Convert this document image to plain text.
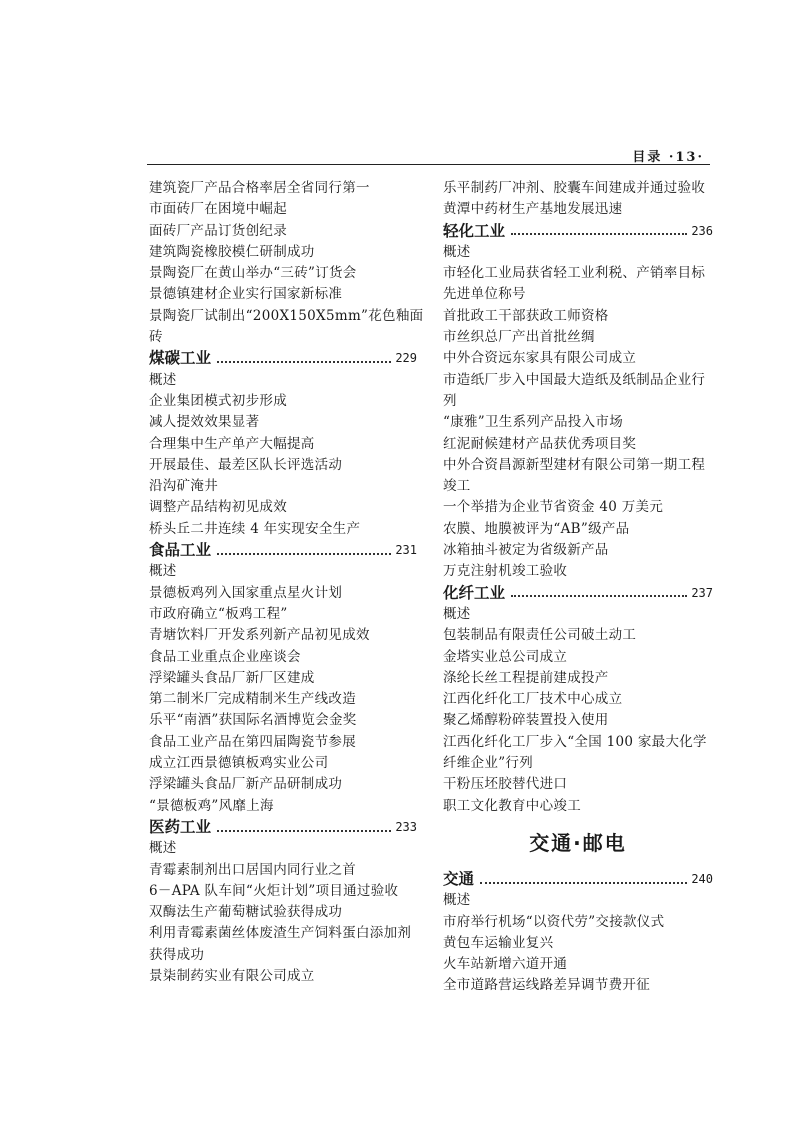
目录 ·13·
建筑瓷厂产品合格率居全省同行第一
市面砖厂在困境中崛起
面砖厂产品订货创纪录
建筑陶瓷橡胶模仁研制成功
景陶瓷厂在黄山举办“三砖”订货会
景德镇建材企业实行国家新标准
景陶瓷厂试制出“200X150X5mm”花色釉面
砖
煤碳工业	229
概述
企业集团模式初步形成
减人提效效果显著
合理集中生产单产大幅提高
开展最佳、最差区队长评选活动
沿沟矿淹井
调整产品结构初见成效
桥头丘二井连续 4 年实现安全生产
食品工业	231
概述
景德板鸡列入国家重点星火计划
市政府确立“板鸡工程”
青塘饮料厂开发系列新产品初见成效
食品工业重点企业座谈会
浮梁罐头食品厂新厂区建成
第二制米厂完成精制米生产线改造
乐平“南酒”获国际名酒博览会金奖
食品工业产品在第四届陶瓷节参展
成立江西景德镇板鸡实业公司
浮梁罐头食品厂新产品研制成功
“景德板鸡”风靡上海
医药工业	233
概述
青霉素制剂出口居国内同行业之首
6－APA 队车间“火炬计划”项目通过验收
双酶法生产葡萄糖试验获得成功
利用青霉素菌丝体废渣生产饲料蛋白添加剂
获得成功
景柒制药实业有限公司成立
乐平制药厂冲剂、胶囊车间建成并通过验收
黄潭中药材生产基地发展迅速
轻化工业	236
概述
市轻化工业局获省轻工业利税、产销率目标
先进单位称号
首批政工干部获政工师资格
市丝织总厂产出首批丝绸
中外合资远东家具有限公司成立
市造纸厂步入中国最大造纸及纸制品企业行
列
“康雅”卫生系列产品投入市场
红泥耐候建材产品获优秀项目奖
中外合资昌源新型建材有限公司第一期工程
竣工
一个举措为企业节省资金 40 万美元
农膜、地膜被评为“AB”级产品
冰箱抽斗被定为省级新产品
万克注射机竣工验收
化纤工业	237
概述
包装制品有限责任公司破土动工
金塔实业总公司成立
涤纶长丝工程提前建成投产
江西化纤化工厂技术中心成立
聚乙烯醇粉碎装置投入使用
江西化纤化工厂步入“全国 100 家最大化学
纤维企业”行列
干粉压坯胶替代进口
职工文化教育中心竣工
交通·邮电
交通	240
概述
市府举行机场“以资代劳”交接款仪式
黄包车运输业复兴
火车站新增六道开通
全市道路营运线路差异调节费开征
